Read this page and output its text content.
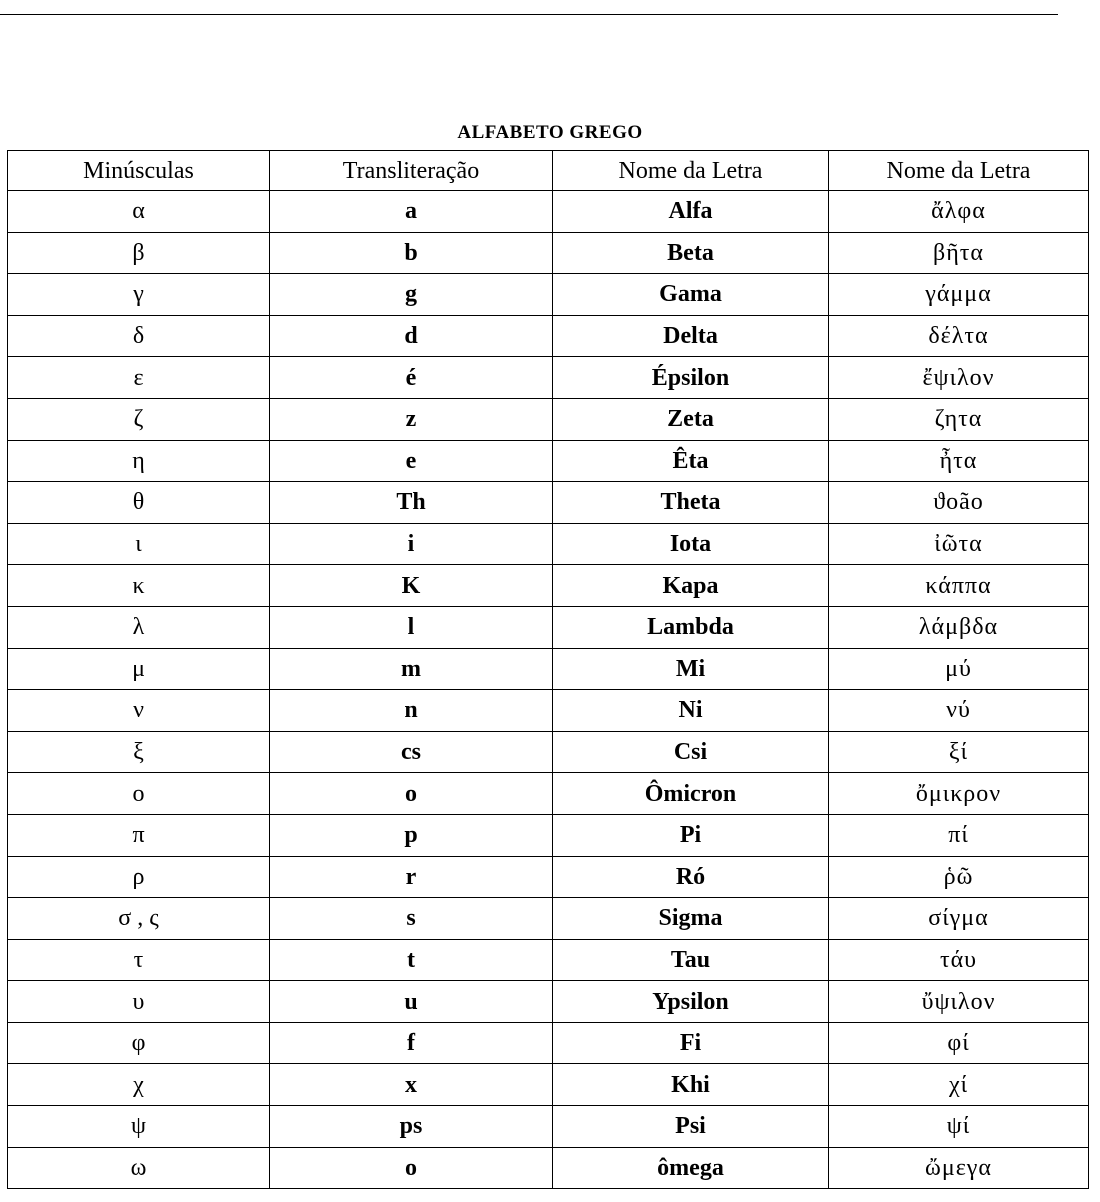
ALFABETO GREGO
Minúsculas	Transliteração	Nome da Letra	Nome da Letra
α	a	Alfa	ἄλφα
β	b	Beta	βῆτα
γ	g	Gama	γάμμα
δ	d	Delta	δέλτα
ε	é	Épsilon	ἔψιλον
ζ	z	Zeta	ζητα
η	e	Êta	ἦτα
θ	Th	Theta	ϑoão
ι	i	Iota	ἰῶτα
κ	K	Kapa	κάππα
λ	l	Lambda	λάμβδα
μ	m	Mi	μύ
ν	n	Ni	νύ
ξ	cs	Csi	ξί
ο	o	Ômicron	ὄμικρον
π	p	Pi	πί
ρ	r	Ró	ῥῶ
σ , ς	s	Sigma	σίγμα
τ	t	Tau	τάυ
υ	u	Ypsilon	ὔψιλον
φ	f	Fi	φί
χ	x	Khi	χί
ψ	ps	Psi	ψί
ω	o	ômega	ὤμεγα
